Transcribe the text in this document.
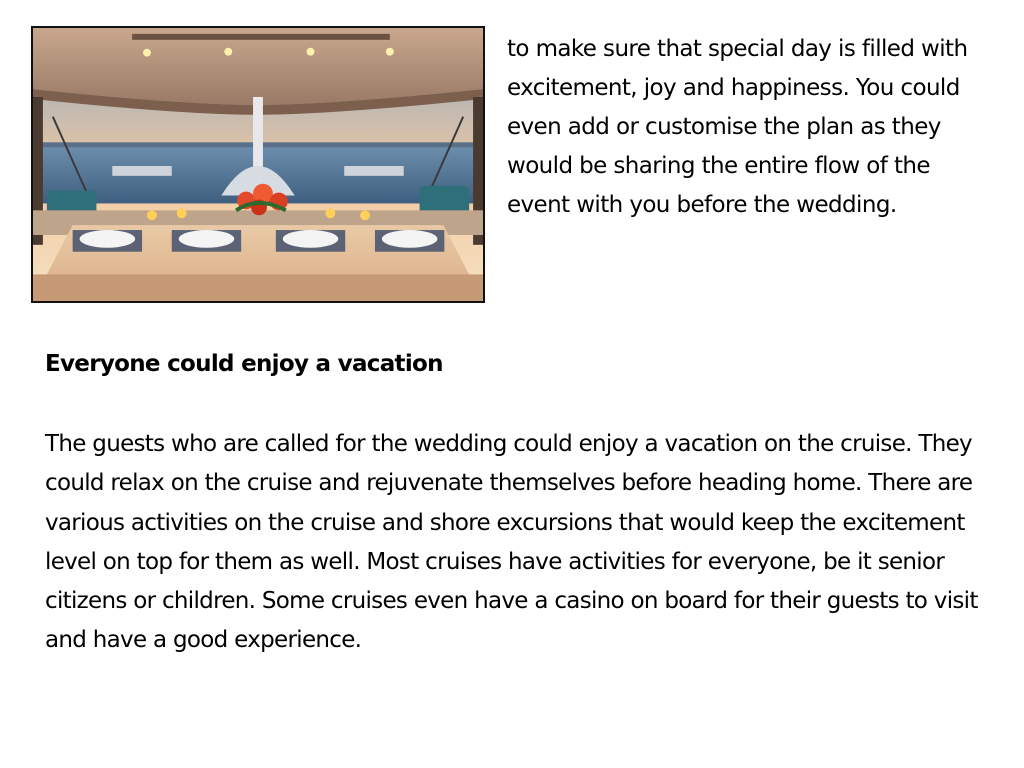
to make sure that special day is filled with excitement, joy and happiness. You could even add or customise the plan as they would be sharing the entire flow of the event with you before the wedding.

Everyone could enjoy a vacation

The guests who are called for the wedding could enjoy a vacation on the cruise. They could relax on the cruise and rejuvenate themselves before heading home. There are various activities on the cruise and shore excursions that would keep the excitement level on top for them as well. Most cruises have activities for everyone, be it senior citizens or children. Some cruises even have a casino on board for their guests to visit and have a good experience.
